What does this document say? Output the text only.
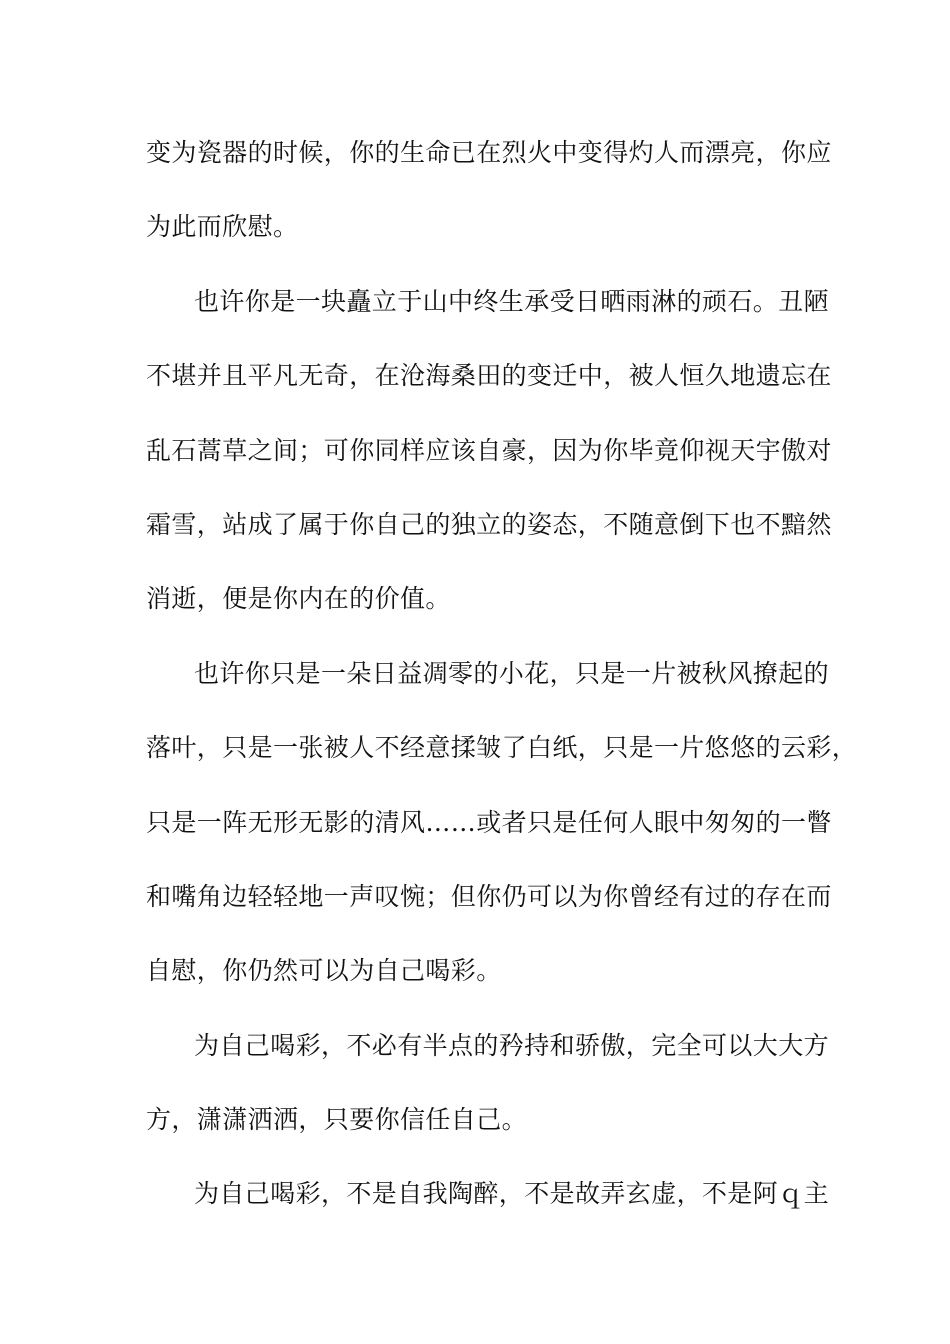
变为瓷器的时候，你的生命已在烈火中变得灼人而漂亮，你应
为此而欣慰。
也许你是一块矗立于山中终生承受日晒雨淋的顽石。丑陋
不堪并且平凡无奇，在沧海桑田的变迁中，被人恒久地遗忘在
乱石蒿草之间；可你同样应该自豪，因为你毕竟仰视天宇傲对
霜雪，站成了属于你自己的独立的姿态，不随意倒下也不黯然
消逝，便是你内在的价值。
也许你只是一朵日益凋零的小花，只是一片被秋风撩起的
落叶，只是一张被人不经意揉皱了白纸，只是一片悠悠的云彩，
只是一阵无形无影的清风……或者只是任何人眼中匆匆的一瞥
和嘴角边轻轻地一声叹惋；但你仍可以为你曾经有过的存在而
自慰，你仍然可以为自己喝彩。
为自己喝彩，不必有半点的矜持和骄傲，完全可以大大方
方，潇潇洒洒，只要你信任自己。
为自己喝彩，不是自我陶醉，不是故弄玄虚，不是阿ｑ主
